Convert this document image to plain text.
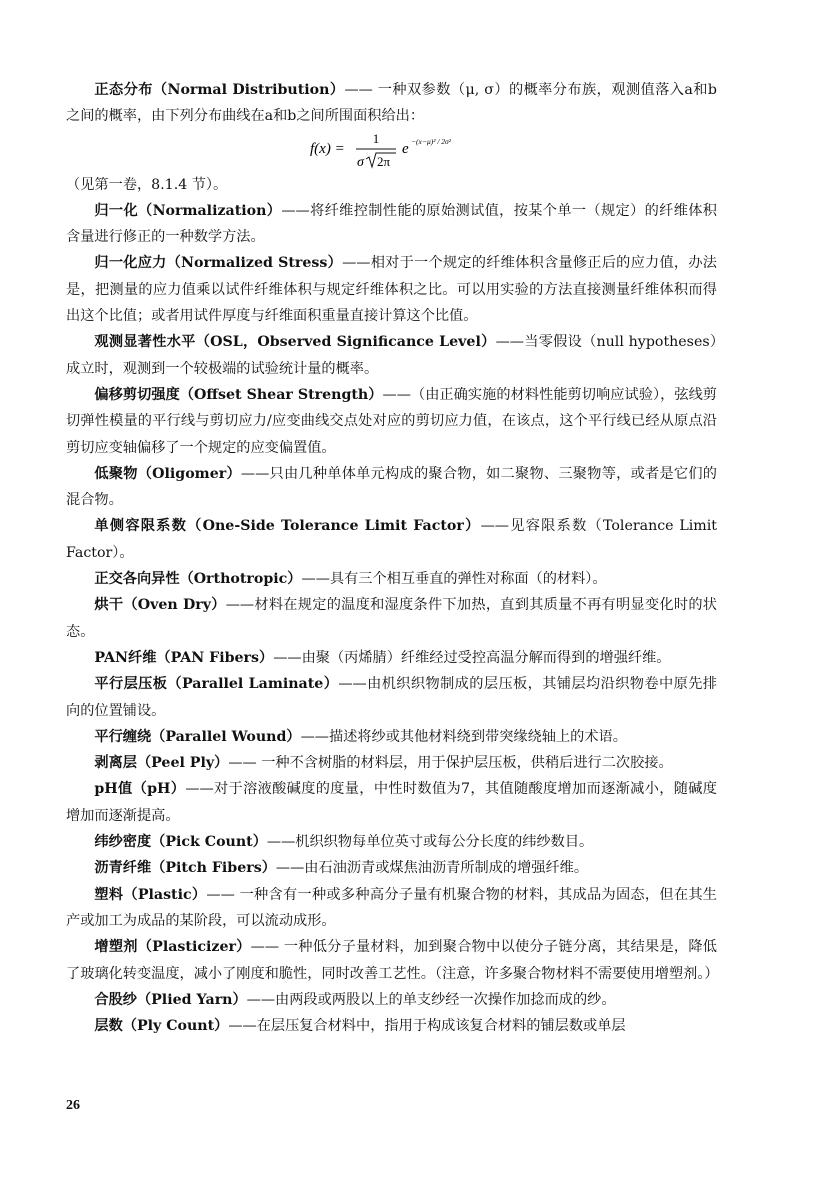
正态分布（Normal Distribution）—— 一种双参数（μ, σ）的概率分布族，观测值落入a和b之间的概率，由下列分布曲线在a和b之间所围面积给出：

f(x) =
1
σ 2π
e −(x−μ)² / 2σ²

（见第一卷，8.1.4 节）。

归一化（Normalization）——将纤维控制性能的原始测试值，按某个单一（规定）的纤维体积含量进行修正的一种数学方法。

归一化应力（Normalized Stress）——相对于一个规定的纤维体积含量修正后的应力值，办法是，把测量的应力值乘以试件纤维体积与规定纤维体积之比。可以用实验的方法直接测量纤维体积而得出这个比值；或者用试件厚度与纤维面积重量直接计算这个比值。

观测显著性水平（OSL，Observed Significance Level）——当零假设（null hypotheses）成立时，观测到一个较极端的试验统计量的概率。

偏移剪切强度（Offset Shear Strength）——（由正确实施的材料性能剪切响应试验），弦线剪切弹性模量的平行线与剪切应力/应变曲线交点处对应的剪切应力值，在该点，这个平行线已经从原点沿剪切应变轴偏移了一个规定的应变偏置值。

低聚物（Oligomer）——只由几种单体单元构成的聚合物，如二聚物、三聚物等，或者是它们的混合物。

单侧容限系数（One-Side Tolerance Limit Factor）——见容限系数（Tolerance Limit Factor）。

正交各向异性（Orthotropic）——具有三个相互垂直的弹性对称面（的材料）。

烘干（Oven Dry）——材料在规定的温度和湿度条件下加热，直到其质量不再有明显变化时的状态。

PAN纤维（PAN Fibers）——由聚（丙烯腈）纤维经过受控高温分解而得到的增强纤维。

平行层压板（Parallel Laminate）——由机织织物制成的层压板，其铺层均沿织物卷中原先排向的位置铺设。

平行缠绕（Parallel Wound）——描述将纱或其他材料绕到带突缘绕轴上的术语。

剥离层（Peel Ply）—— 一种不含树脂的材料层，用于保护层压板，供稍后进行二次胶接。

pH值（pH）——对于溶液酸碱度的度量，中性时数值为7，其值随酸度增加而逐渐减小，随碱度增加而逐渐提高。

纬纱密度（Pick Count）——机织织物每单位英寸或每公分长度的纬纱数目。

沥青纤维（Pitch Fibers）——由石油沥青或煤焦油沥青所制成的增强纤维。

塑料（Plastic）—— 一种含有一种或多种高分子量有机聚合物的材料，其成品为固态，但在其生产或加工为成品的某阶段，可以流动成形。

增塑剂（Plasticizer）—— 一种低分子量材料，加到聚合物中以使分子链分离，其结果是，降低了玻璃化转变温度，减小了刚度和脆性，同时改善工艺性。（注意，许多聚合物材料不需要使用增塑剂。）

合股纱（Plied Yarn）——由两段或两股以上的单支纱经一次操作加捻而成的纱。

层数（Ply Count）——在层压复合材料中，指用于构成该复合材料的铺层数或单层

26
